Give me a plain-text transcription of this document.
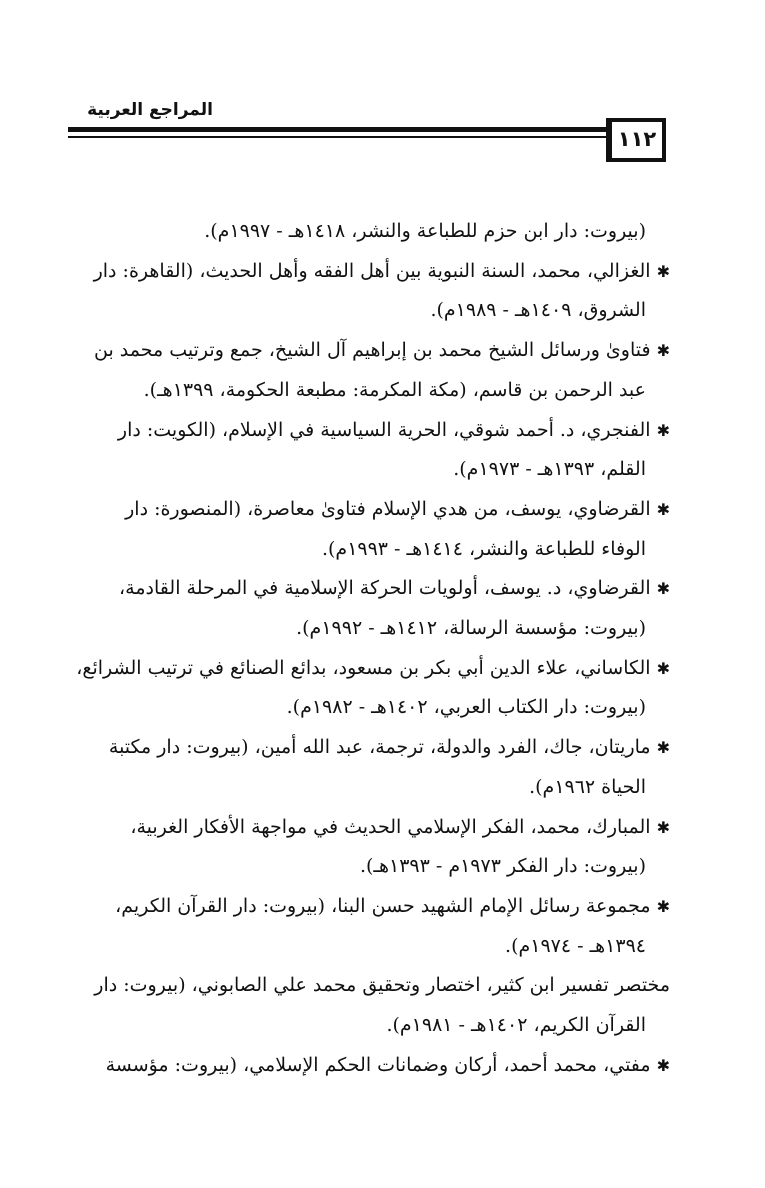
المراجع العربية
١١٢
(بيروت: دار ابن حزم للطباعة والنشر، ١٤١٨هـ - ١٩٩٧م).
✱الغزالي، محمد، السنة النبوية بين أهل الفقه وأهل الحديث، (القاهرة: دار
الشروق، ١٤٠٩هـ - ١٩٨٩م).
✱فتاوىٰ ورسائل الشيخ محمد بن إبراهيم آل الشيخ، جمع وترتيب محمد بن
عبد الرحمن بن قاسم، (مكة المكرمة: مطبعة الحكومة، ١٣٩٩هـ).
✱الفنجري، د. أحمد شوقي، الحرية السياسية في الإسلام، (الكويت: دار
القلم، ١٣٩٣هـ - ١٩٧٣م).
✱القرضاوي، يوسف، من هدي الإسلام فتاوىٰ معاصرة، (المنصورة: دار
الوفاء للطباعة والنشر، ١٤١٤هـ - ١٩٩٣م).
✱القرضاوي، د. يوسف، أولويات الحركة الإسلامية في المرحلة القادمة،
(بيروت: مؤسسة الرسالة، ١٤١٢هـ - ١٩٩٢م).
✱الكاساني، علاء الدين أبي بكر بن مسعود، بدائع الصنائع في ترتيب الشرائع،
(بيروت: دار الكتاب العربي، ١٤٠٢هـ - ١٩٨٢م).
✱ماريتان، جاك، الفرد والدولة، ترجمة، عبد الله أمين، (بيروت: دار مكتبة
الحياة ١٩٦٢م).
✱المبارك، محمد، الفكر الإسلامي الحديث في مواجهة الأفكار الغربية،
(بيروت: دار الفكر ١٩٧٣م - ١٣٩٣هـ).
✱مجموعة رسائل الإمام الشهيد حسن البنا، (بيروت: دار القرآن الكريم،
١٣٩٤هـ - ١٩٧٤م).
مختصر تفسير ابن كثير، اختصار وتحقيق محمد علي الصابوني، (بيروت: دار
القرآن الكريم، ١٤٠٢هـ - ١٩٨١م).
✱مفتي، محمد أحمد، أركان وضمانات الحكم الإسلامي، (بيروت: مؤسسة
